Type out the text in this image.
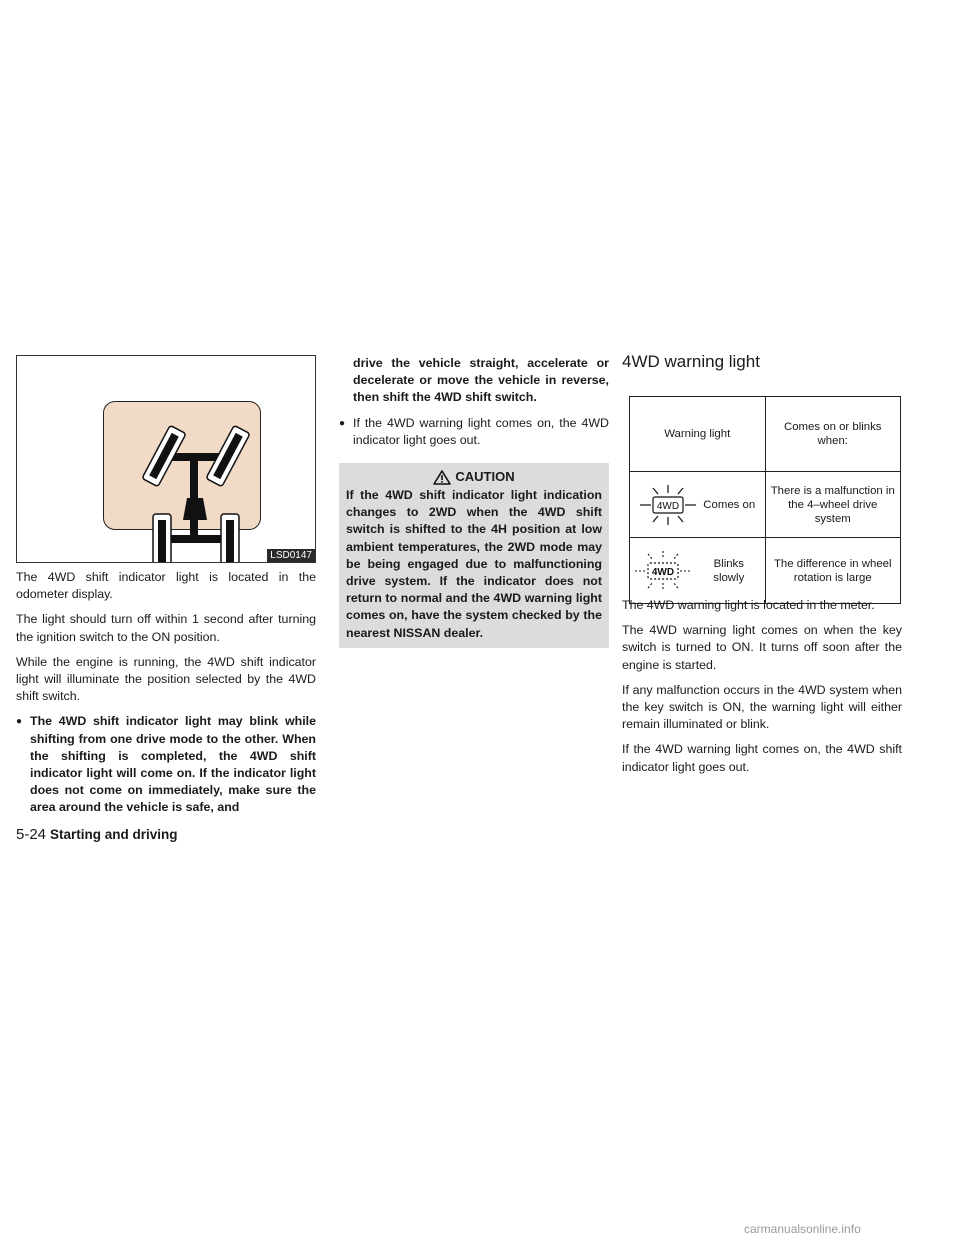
LSD0147

The 4WD shift indicator light is located in the odometer display.

The light should turn off within 1 second after turning the ignition switch to the ON position.

While the engine is running, the 4WD shift indicator light will illuminate the position selected by the 4WD shift switch.

● The 4WD shift indicator light may blink while shifting from one drive mode to the other. When the shifting is completed, the 4WD shift indicator light will come on. If the indicator light does not come on immediately, make sure the area around the vehicle is safe, and
drive the vehicle straight, accelerate or decelerate or move the vehicle in reverse, then shift the 4WD shift switch.
● If the 4WD warning light comes on, the 4WD indicator light goes out.
CAUTION
If the 4WD shift indicator light indication changes to 2WD when the 4WD shift switch is shifted to the 4H position at low ambient temperatures, the 2WD mode may be being engaged due to malfunctioning drive system. If the indicator does not return to normal and the 4WD warning light comes on, have the system checked by the nearest NISSAN dealer.
4WD warning light
Warning light	Comes on or blinks when:

4WD Comes on	There is a malfunction in the 4–wheel drive system

4WD
Blinks slowly	The difference in wheel rotation is large

The 4WD warning light is located in the meter.

The 4WD warning light comes on when the key switch is turned to ON. It turns off soon after the engine is started.

If any malfunction occurs in the 4WD system when the key switch is ON, the warning light will either remain illuminated or blink.

If the 4WD warning light comes on, the 4WD shift indicator light goes out.

5-24 Starting and driving
carmanualsonline.info
